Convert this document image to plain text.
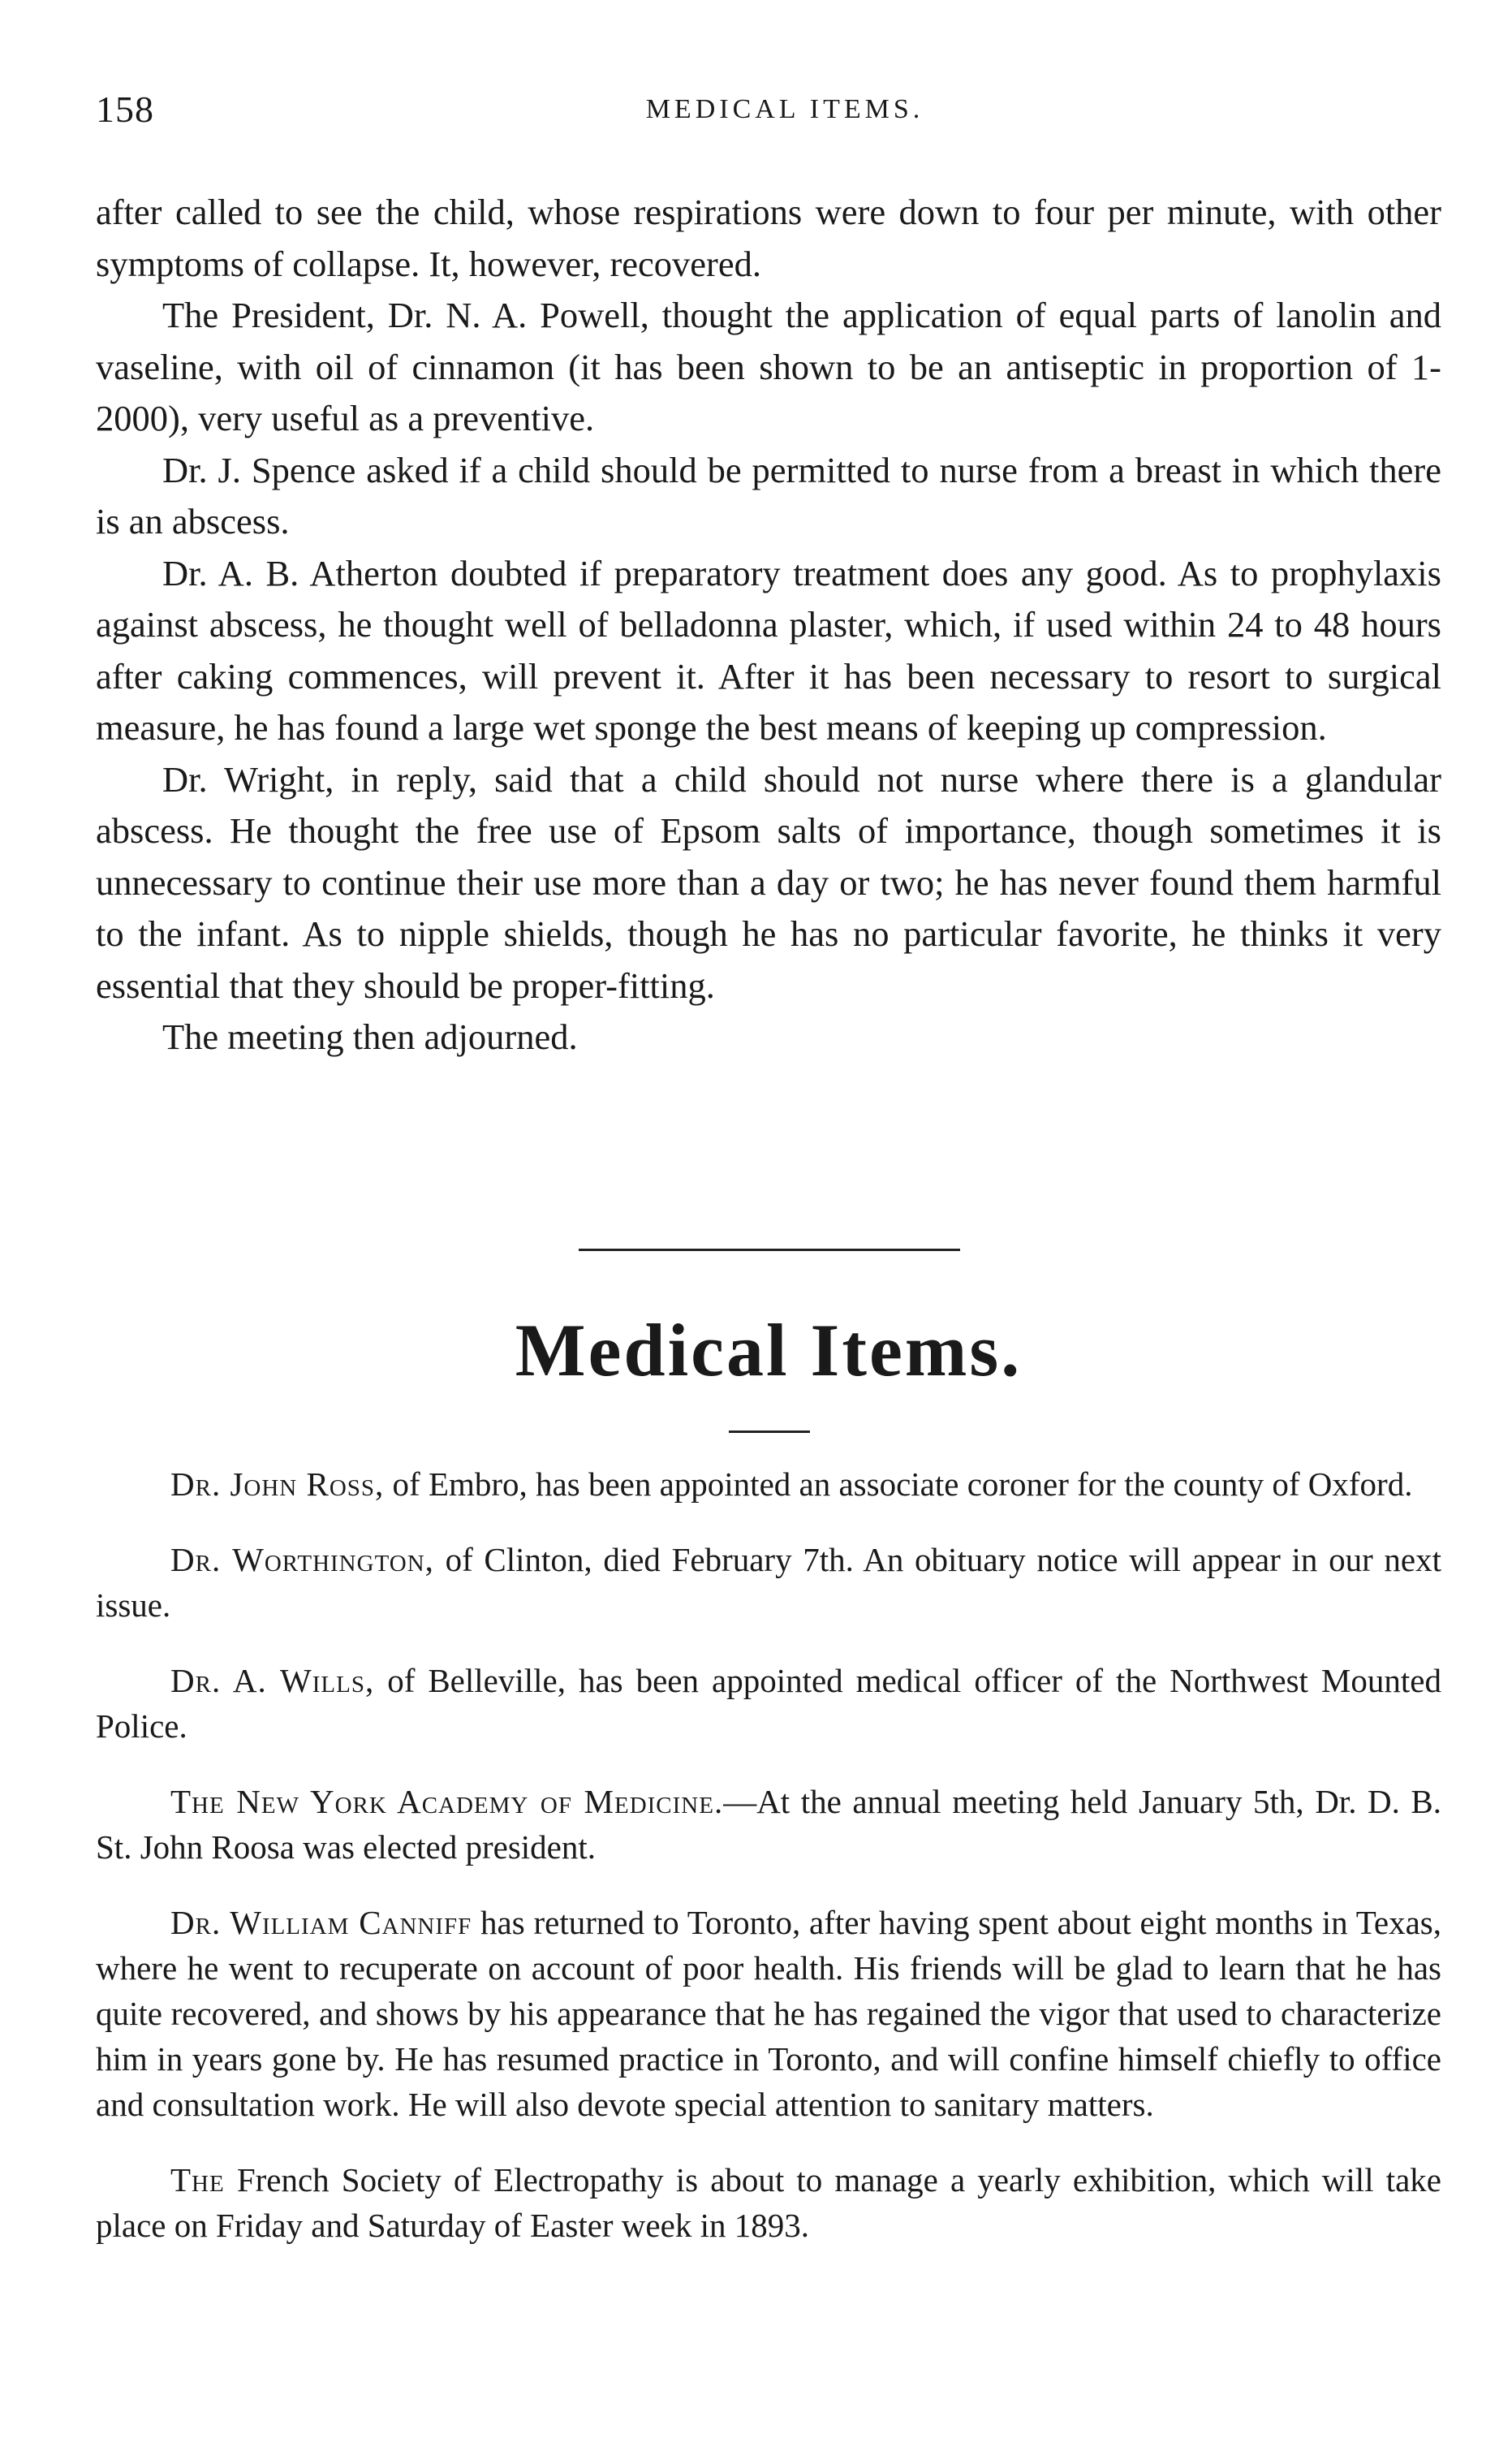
158	MEDICAL ITEMS.

after called to see the child, whose respirations were down to four per minute, with other symptoms of collapse. It, however, recovered.

The President, Dr. N. A. Powell, thought the application of equal parts of lanolin and vaseline, with oil of cinnamon (it has been shown to be an antiseptic in proportion of 1-2000), very useful as a preventive.

Dr. J. Spence asked if a child should be permitted to nurse from a breast in which there is an abscess.

Dr. A. B. Atherton doubted if preparatory treatment does any good. As to prophylaxis against abscess, he thought well of belladonna plaster, which, if used within 24 to 48 hours after caking commences, will prevent it. After it has been necessary to resort to surgical measure, he has found a large wet sponge the best means of keeping up compression.

Dr. Wright, in reply, said that a child should not nurse where there is a glandular abscess. He thought the free use of Epsom salts of importance, though sometimes it is unnecessary to continue their use more than a day or two; he has never found them harmful to the infant. As to nipple shields, though he has no particular favorite, he thinks it very essential that they should be proper-fitting.

The meeting then adjourned.

Medical Items.

Dr. John Ross, of Embro, has been appointed an associate coroner for the county of Oxford.

Dr. Worthington, of Clinton, died February 7th. An obituary notice will appear in our next issue.

Dr. A. Wills, of Belleville, has been appointed medical officer of the Northwest Mounted Police.

The New York Academy of Medicine.—At the annual meeting held January 5th, Dr. D. B. St. John Roosa was elected president.

Dr. William Canniff has returned to Toronto, after having spent about eight months in Texas, where he went to recuperate on account of poor health. His friends will be glad to learn that he has quite recovered, and shows by his appearance that he has regained the vigor that used to characterize him in years gone by. He has resumed practice in Toronto, and will confine himself chiefly to office and consultation work. He will also devote special attention to sanitary matters.

The French Society of Electropathy is about to manage a yearly exhibition, which will take place on Friday and Saturday of Easter week in 1893.
